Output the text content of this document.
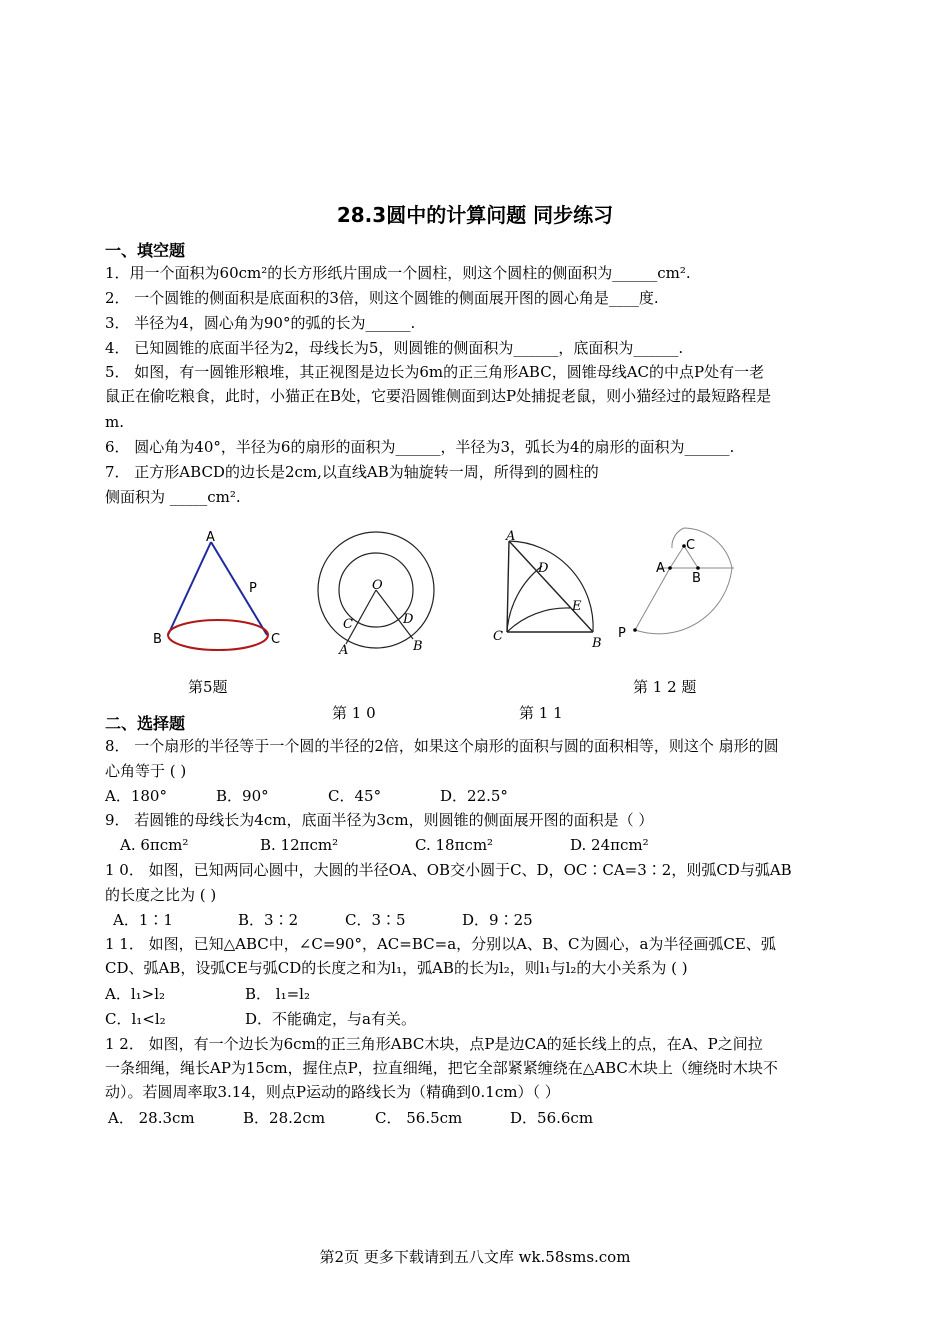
28.3圆中的计算问题 同步练习
一、填空题
1．用一个面积为60cm²的长方形纸片围成一个圆柱，则这个圆柱的侧面积为______cm².
2． 一个圆锥的侧面积是底面积的3倍，则这个圆锥的侧面展开图的圆心角是____度.
3． 半径为4，圆心角为90°的弧的长为______.
4． 已知圆锥的底面半径为2，母线长为5，则圆锥的侧面积为______，底面积为______.
5． 如图，有一圆锥形粮堆，其正视图是边长为6m的正三角形ABC，圆锥母线AC的中点P处有一老
鼠正在偷吃粮食，此时，小猫正在B处，它要沿圆锥侧面到达P处捕捉老鼠，则小猫经过的最短路程是
m.
6． 圆心角为40°，半径为6的扇形的面积为______，半径为3，弧长为4的扇形的面积为______.
7． 正方形ABCD的边长是2cm,以直线AB为轴旋转一周，所得到的圆柱的
侧面积为 _____cm².
A
P
B	C
第5题
O
C	D
A	B
第 1 0
A
D
E
C	B
第 1 1
C
A
B
P
第 1 2 题
二、选择题
8． 一个扇形的半径等于一个圆的半径的2倍，如果这个扇形的面积与圆的面积相等，则这个 扇形的圆
心角等于 ( )
A．180°	B．90°	C．45°	D．22.5°
9． 若圆锥的母线长为4cm，底面半径为3cm，则圆锥的侧面展开图的面积是（ ）
A. 6πcm²	B. 12πcm²	C. 18πcm²	D. 24πcm²
1 0． 如图，已知两同心圆中，大圆的半径OA、OB交小圆于C、D，OC∶CA=3∶2，则弧CD与弧AB
的长度之比为 ( )
A．1∶1	B．3∶2	C．3∶5	D．9∶25
1 1． 如图，已知△ABC中，∠C=90°，AC=BC=a，分别以A、B、C为圆心，a为半径画弧CE、弧
CD、弧AB，设弧CE与弧CD的长度之和为l₁，弧AB的长为l₂，则l₁与l₂的大小关系为 ( )
A．l₁>l₂	B． l₁=l₂
C．l₁<l₂	D．不能确定，与a有关。
1 2． 如图，有一个边长为6cm的正三角形ABC木块，点P是边CA的延长线上的点，在A、P之间拉
一条细绳，绳长AP为15cm，握住点P，拉直细绳，把它全部紧紧缠绕在△ABC木块上（缠绕时木块不
动）。若圆周率取3.14，则点P运动的路线长为（精确到0.1cm）（ ）
A． 28.3cm	B．28.2cm	C． 56.5cm	D．56.6cm
第2页 更多下载请到五八文库 wk.58sms.com
